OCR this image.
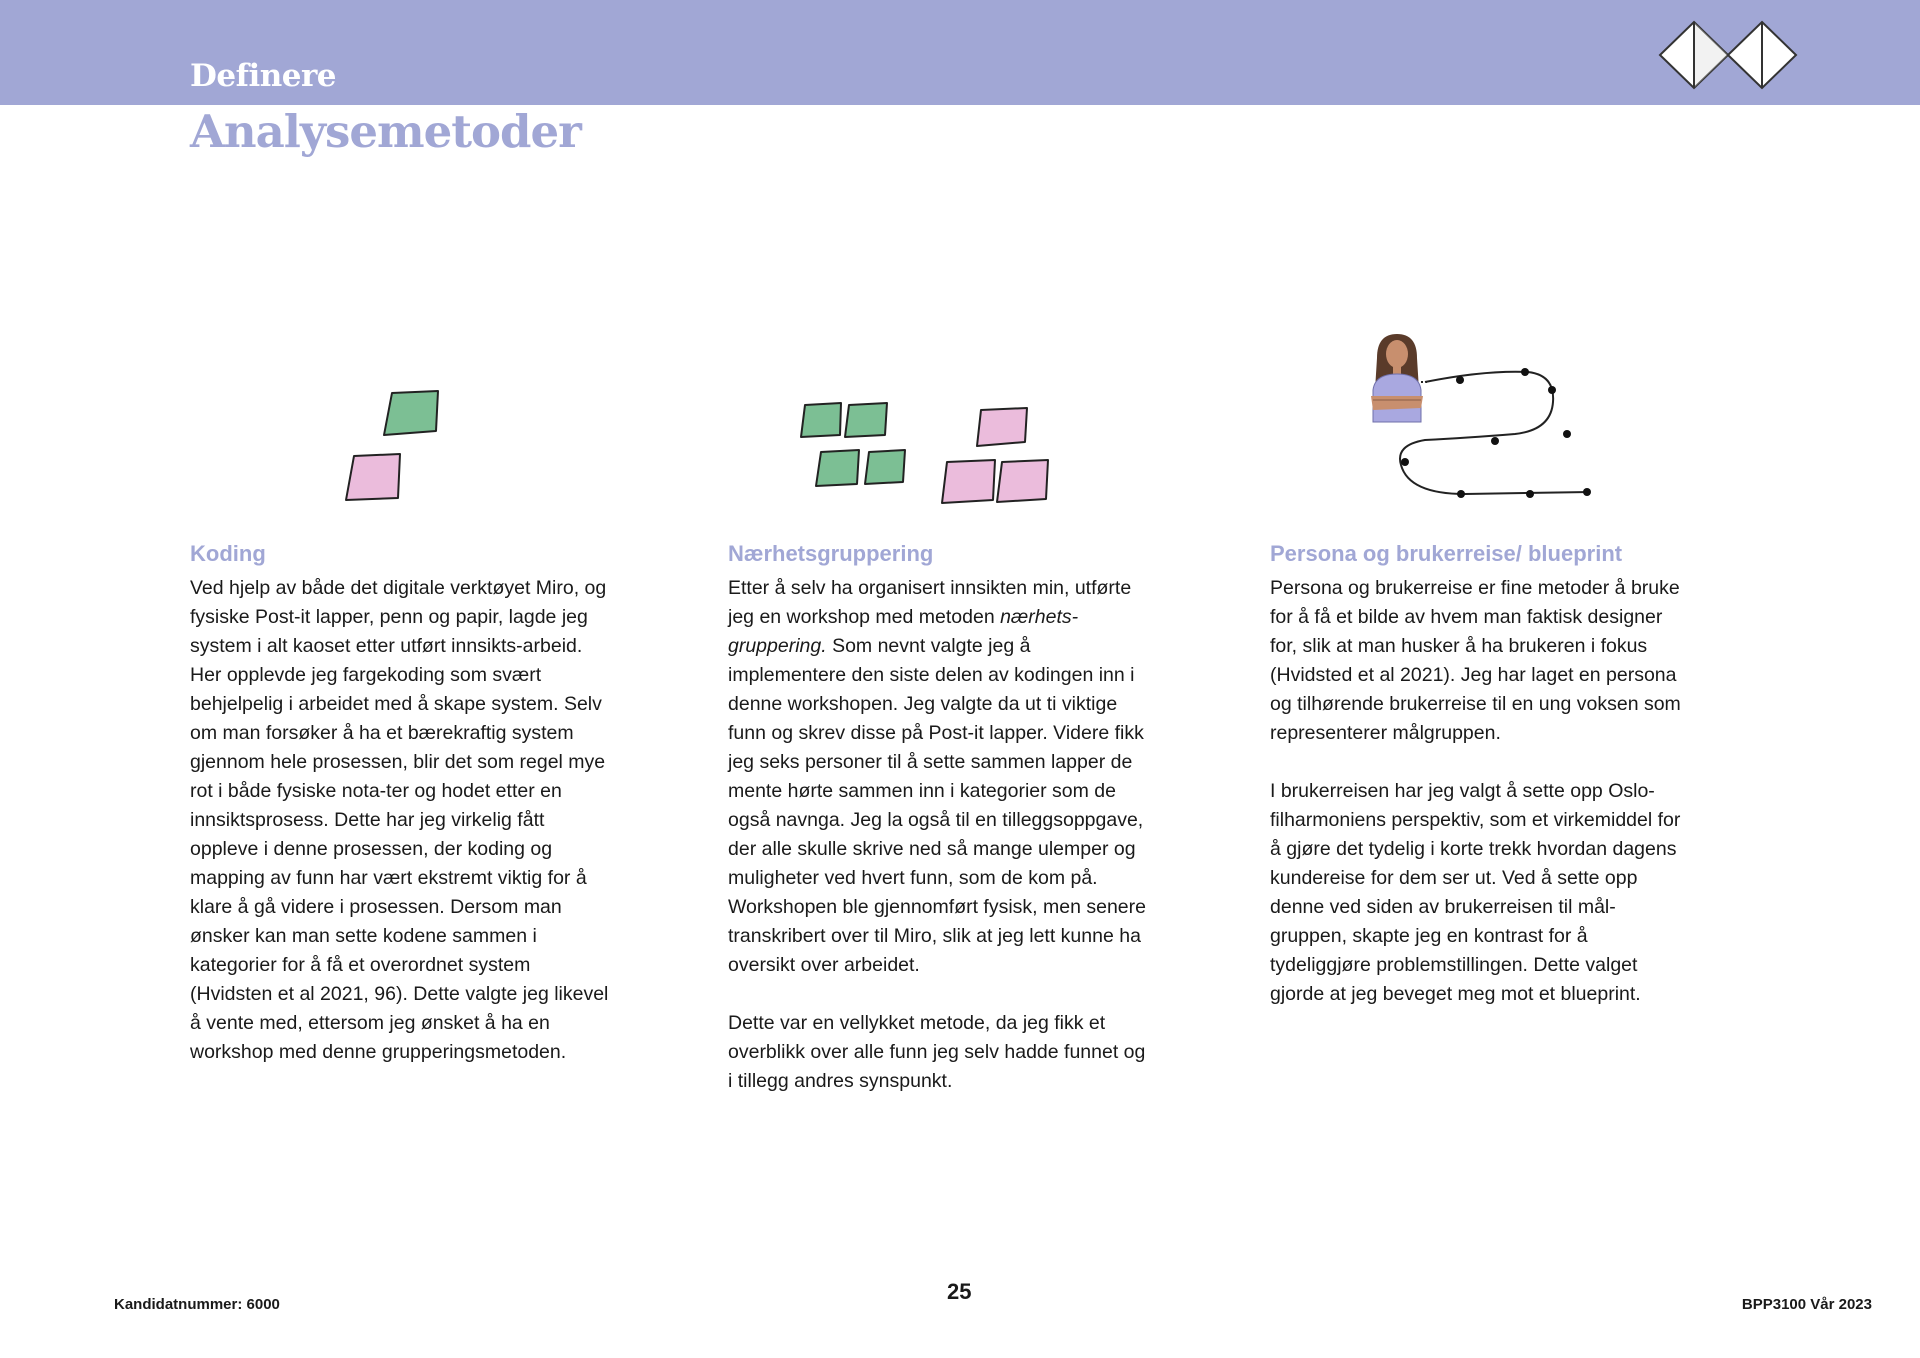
Definere
Analysemetoder
Koding

Ved hjelp av både det digitale verktøyet Miro, og fysiske Post-it lapper, penn og papir, lagde jeg system i alt kaoset etter utført innsikts-arbeid. Her opplevde jeg fargekoding som svært behjelpelig i arbeidet med å skape system. Selv om man forsøker å ha et bærekraftig system gjennom hele prosessen, blir det som regel mye rot i både fysiske nota-ter og hodet etter en innsiktsprosess. Dette har jeg virkelig fått oppleve i denne prosessen, der koding og mapping av funn har vært ekstremt viktig for å klare å gå videre i prosessen. Dersom man ønsker kan man sette kodene sammen i kategorier for å få et overordnet system (Hvidsten et al 2021, 96). Dette valgte jeg likevel å vente med, ettersom jeg ønsket å ha en workshop med denne grupperingsmetoden.

Nærhetsgruppering

Etter å selv ha organisert innsikten min, utførte jeg en workshop med metoden nærhets-gruppering. Som nevnt valgte jeg å implementere den siste delen av kodingen inn i denne workshopen. Jeg valgte da ut ti viktige funn og skrev disse på Post-it lapper. Videre fikk jeg seks personer til å sette sammen lapper de mente hørte sammen inn i kategorier som de også navnga. Jeg la også til en tilleggsoppgave, der alle skulle skrive ned så mange ulemper og muligheter ved hvert funn, som de kom på. Workshopen ble gjennomført fysisk, men senere transkribert over til Miro, slik at jeg lett kunne ha oversikt over arbeidet.

Dette var en vellykket metode, da jeg fikk et overblikk over alle funn jeg selv hadde funnet og i tillegg andres synspunkt.

Persona og brukerreise/ blueprint

Persona og brukerreise er fine metoder å bruke for å få et bilde av hvem man faktisk designer for, slik at man husker å ha brukeren i fokus (Hvidsted et al 2021). Jeg har laget en persona og tilhørende brukerreise til en ung voksen som representerer målgruppen.

I brukerreisen har jeg valgt å sette opp Oslo-filharmoniens perspektiv, som et virkemiddel for å gjøre det tydelig i korte trekk hvordan dagens kundereise for dem ser ut. Ved å sette opp denne ved siden av brukerreisen til mål-gruppen, skapte jeg en kontrast for å tydeliggjøre problemstillingen. Dette valget gjorde at jeg beveget meg mot et blueprint.

Kandidatnummer: 6000
25
BPP3100 Vår 2023
